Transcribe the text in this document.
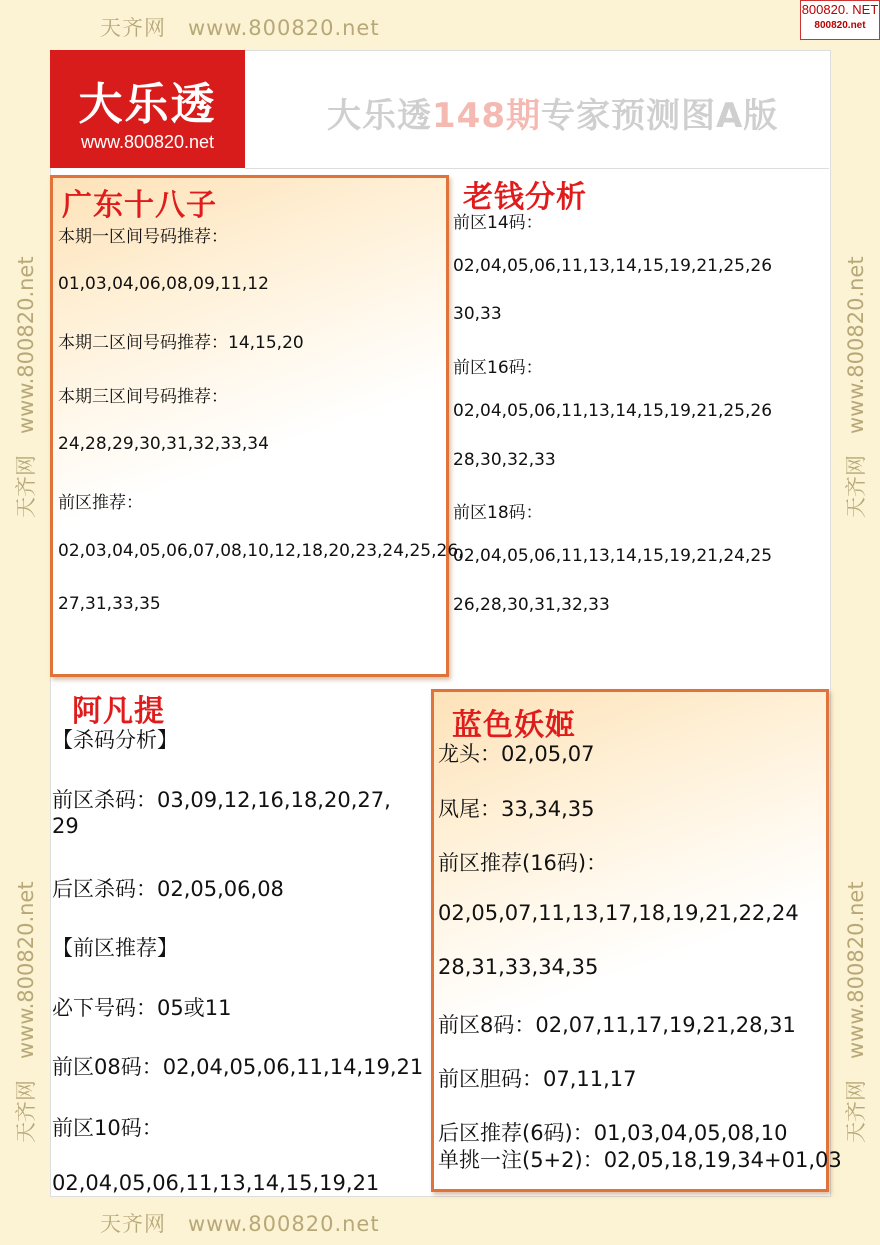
天齐网　www.800820.net
天齐网　www.800820.net
天齐网　www.800820.net
天齐网　www.800820.net
天齐网　www.800820.net
天齐网　www.800820.net
800820. NET
800820.net
大乐透
www.800820.net
大乐透148期专家预测图A版
广东十八子
本期一区间号码推荐：
01,03,04,06,08,09,11,12
本期二区间号码推荐：14,15,20
本期三区间号码推荐：
24,28,29,30,31,32,33,34
前区推荐：
02,03,04,05,06,07,08,10,12,18,20,23,24,25,26,
27,31,33,35
老钱分析
前区14码：
02,04,05,06,11,13,14,15,19,21,25,26
30,33
前区16码：
02,04,05,06,11,13,14,15,19,21,25,26
28,30,32,33
前区18码：
02,04,05,06,11,13,14,15,19,21,24,25
26,28,30,31,32,33
阿凡提
【杀码分析】
前区杀码：03,09,12,16,18,20,27,
29
后区杀码：02,05,06,08
【前区推荐】
必下号码：05或11
前区08码：02,04,05,06,11,14,19,21
前区10码：
02,04,05,06,11,13,14,15,19,21
蓝色妖姬
龙头：02,05,07
凤尾：33,34,35
前区推荐(16码)：
02,05,07,11,13,17,18,19,21,22,24
28,31,33,34,35
前区8码：02,07,11,17,19,21,28,31
前区胆码：07,11,17
后区推荐(6码)：01,03,04,05,08,10
单挑一注(5+2)：02,05,18,19,34+01,03
